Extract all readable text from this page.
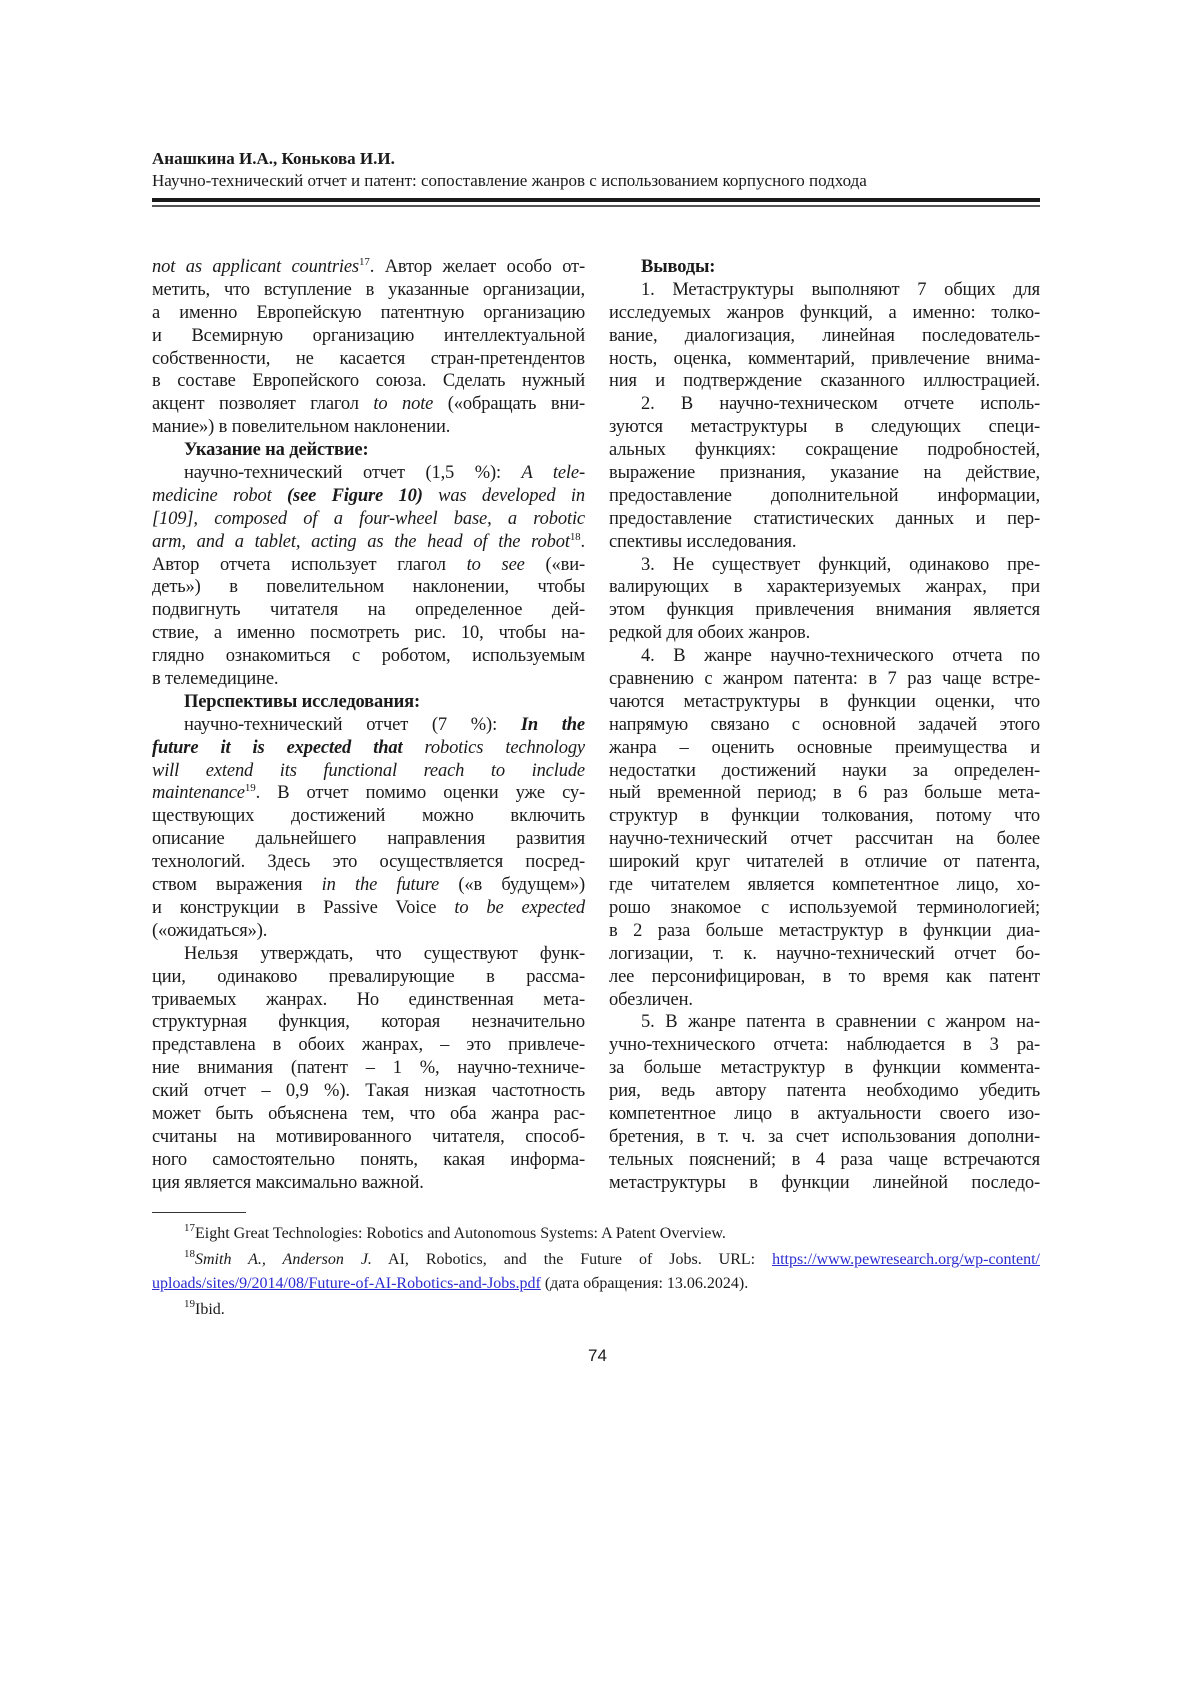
Анашкина И.А., Конькова И.И.
Научно-технический отчет и патент: сопоставление жанров с использованием корпусного подхода
not as applicant countries17. Автор желает особо от-
метить, что вступление в указанные организации,
а именно Европейскую патентную организацию
и Всемирную организацию интеллектуальной
собственности, не касается стран-претендентов
в составе Европейского союза. Сделать нужный
акцент позволяет глагол to note («обращать вни-
мание») в повелительном наклонении.
Указание на действие:
научно-технический отчет (1,5 %): A tele-
medicine robot (see Figure 10) was developed in
[109], composed of a four-wheel base, a robotic
arm, and a tablet, acting as the head of the robot18.
Автор отчета использует глагол to see («ви-
деть») в повелительном наклонении, чтобы
подвигнуть читателя на определенное дей-
ствие, а именно посмотреть рис. 10, чтобы на-
глядно ознакомиться с роботом, используемым
в телемедицине.
Перспективы исследования:
научно-технический отчет (7 %): In the
future it is expected that robotics technology
will extend its functional reach to include
maintenance19. В отчет помимо оценки уже су-
ществующих достижений можно включить
описание дальнейшего направления развития
технологий. Здесь это осуществляется посред-
ством выражения in the future («в будущем»)
и конструкции в Passive Voice to be expected
(«ожидаться»).
Нельзя утверждать, что существуют функ-
ции, одинаково превалирующие в рассма-
триваемых жанрах. Но единственная мета-
структурная функция, которая незначительно
представлена в обоих жанрах, – это привлече-
ние внимания (патент – 1 %, научно-техниче-
ский отчет – 0,9 %). Такая низкая частотность
может быть объяснена тем, что оба жанра рас-
считаны на мотивированного читателя, способ-
ного самостоятельно понять, какая информа-
ция является максимально важной.
Выводы:
1. Метаструктуры выполняют 7 общих для
исследуемых жанров функций, а именно: толко-
вание, диалогизация, линейная последователь-
ность, оценка, комментарий, привлечение внима-
ния и подтверждение сказанного иллюстрацией.
2. В научно-техническом отчете исполь-
зуются метаструктуры в следующих специ-
альных функциях: сокращение подробностей,
выражение признания, указание на действие,
предоставление дополнительной информации,
предоставление статистических данных и пер-
спективы исследования.
3. Не существует функций, одинаково пре-
валирующих в характеризуемых жанрах, при
этом функция привлечения внимания является
редкой для обоих жанров.
4. В жанре научно-технического отчета по
сравнению с жанром патента: в 7 раз чаще встре-
чаются метаструктуры в функции оценки, что
напрямую связано с основной задачей этого
жанра – оценить основные преимущества и
недостатки достижений науки за определен-
ный временной период; в 6 раз больше мета-
структур в функции толкования, потому что
научно-технический отчет рассчитан на более
широкий круг читателей в отличие от патента,
где читателем является компетентное лицо, хо-
рошо знакомое с используемой терминологией;
в 2 раза больше метаструктур в функции диа-
логизации, т. к. научно-технический отчет бо-
лее персонифицирован, в то время как патент
обезличен.
5. В жанре патента в сравнении с жанром на-
учно-технического отчета: наблюдается в 3 ра-
за больше метаструктур в функции коммента-
рия, ведь автору патента необходимо убедить
компетентное лицо в актуальности своего изо-
бретения, в т. ч. за счет использования дополни-
тельных пояснений; в 4 раза чаще встречаются
метаструктуры в функции линейной последо-
17Eight Great Technologies: Robotics and Autonomous Systems: A Patent Overview.
18Smith A., Anderson J. AI, Robotics, and the Future of Jobs. URL: https://www.pewresearch.org/wp-content/
uploads/sites/9/2014/08/Future-of-AI-Robotics-and-Jobs.pdf (дата обращения: 13.06.2024).
19Ibid.
74
